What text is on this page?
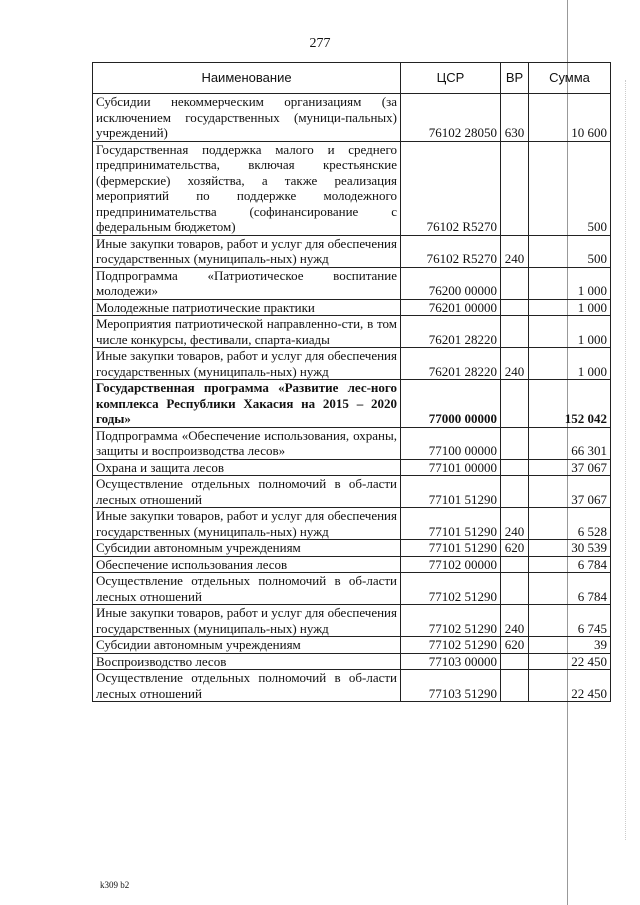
277
Наименование	ЦСР	ВР	Сумма
Субсидии некоммерческим организациям (за исключением государственных (муници-пальных) учреждений)	76102 28050	630	10 600
Государственная поддержка малого и среднего предпринимательства, включая крестьянские (фермерские) хозяйства, а также реализация мероприятий по поддержке молодежного предпринимательства (софинансирование с федеральным бюджетом)	76102 R5270		500
Иные закупки товаров, работ и услуг для обеспечения государственных (муниципаль-ных) нужд	76102 R5270	240	500
Подпрограмма «Патриотическое воспитание молодежи»	76200 00000		1 000
Молодежные патриотические практики	76201 00000		1 000
Мероприятия патриотической направленно-сти, в том числе конкурсы, фестивали, спарта-киады	76201 28220		1 000
Иные закупки товаров, работ и услуг для обеспечения государственных (муниципаль-ных) нужд	76201 28220	240	1 000
Государственная программа «Развитие лес-ного комплекса Республики Хакасия на 2015 – 2020 годы»	77000 00000		152 042
Подпрограмма «Обеспечение использования, охраны, защиты и воспроизводства лесов»	77100 00000		66 301
Охрана и защита лесов	77101 00000		37 067
Осуществление отдельных полномочий в об-ласти лесных отношений	77101 51290		37 067
Иные закупки товаров, работ и услуг для обеспечения государственных (муниципаль-ных) нужд	77101 51290	240	6 528
Субсидии автономным учреждениям	77101 51290	620	30 539
Обеспечение использования лесов	77102 00000		6 784
Осуществление отдельных полномочий в об-ласти лесных отношений	77102 51290		6 784
Иные закупки товаров, работ и услуг для обеспечения государственных (муниципаль-ных) нужд	77102 51290	240	6 745
Субсидии автономным учреждениям	77102 51290	620	39
Воспроизводство лесов	77103 00000		22 450
Осуществление отдельных полномочий в об-ласти лесных отношений	77103 51290		22 450
k309 b2
